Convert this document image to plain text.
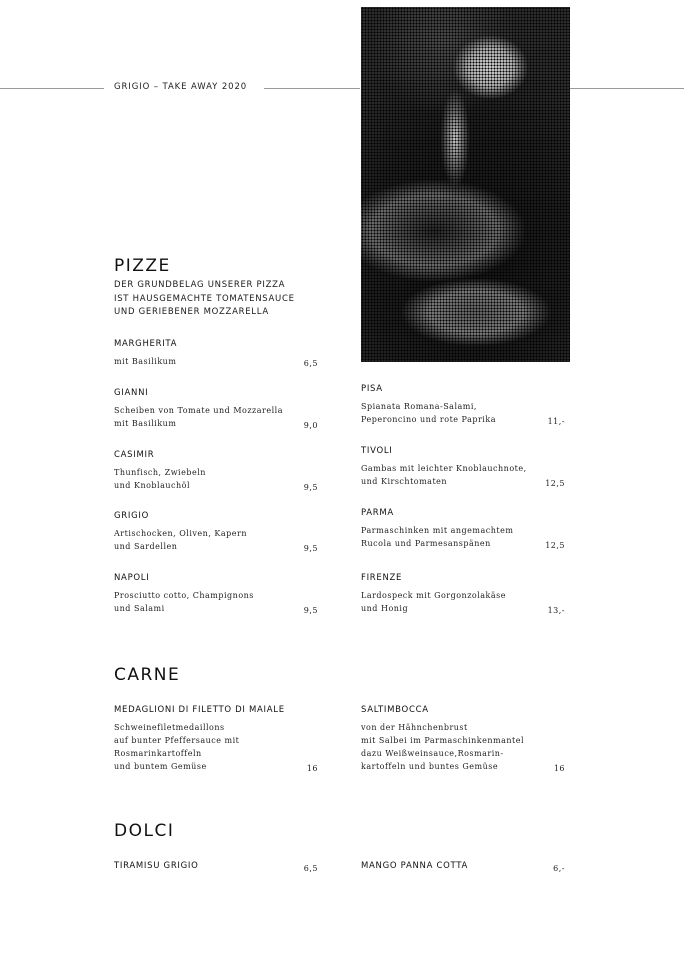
GRIGIO – TAKE AWAY 2020
PIZZE
DER GRUNDBELAG UNSERER PIZZA
IST HAUSGEMACHTE TOMATENSAUCE
UND GERIEBENER MOZZARELLA
MARGHERITA
mit Basilikum	6,5
GIANNI
Scheiben von Tomate und Mozzarella
mit Basilikum	9,0
CASIMIR
Thunfisch, Zwiebeln
und Knoblauchöl	9,5
GRIGIO
Artischocken, Oliven, Kapern
und Sardellen	9,5
NAPOLI
Prosciutto cotto, Champignons
und Salami	9,5
PISA
Spianata Romana-Salami,
Peperoncino und rote Paprika	11,-
TIVOLI
Gambas mit leichter Knoblauchnote,
und Kirschtomaten	12,5
PARMA
Parmaschinken mit angemachtem
Rucola und Parmesanspänen	12,5
FIRENZE
Lardospeck mit Gorgonzolakäse
und Honig	13,-
CARNE
MEDAGLIONI DI FILETTO DI MAIALE
Schweinefiletmedaillons
auf bunter Pfeffersauce mit
Rosmarinkartoffeln
und buntem Gemüse	16
SALTIMBOCCA
von der Hähnchenbrust
mit Salbei im Parmaschinkenmantel
dazu Weißweinsauce,Rosmarin-
kartoffeln und buntes Gemüse	16
DOLCI
TIRAMISU GRIGIO	6,5	MANGO PANNA COTTA	6,-
